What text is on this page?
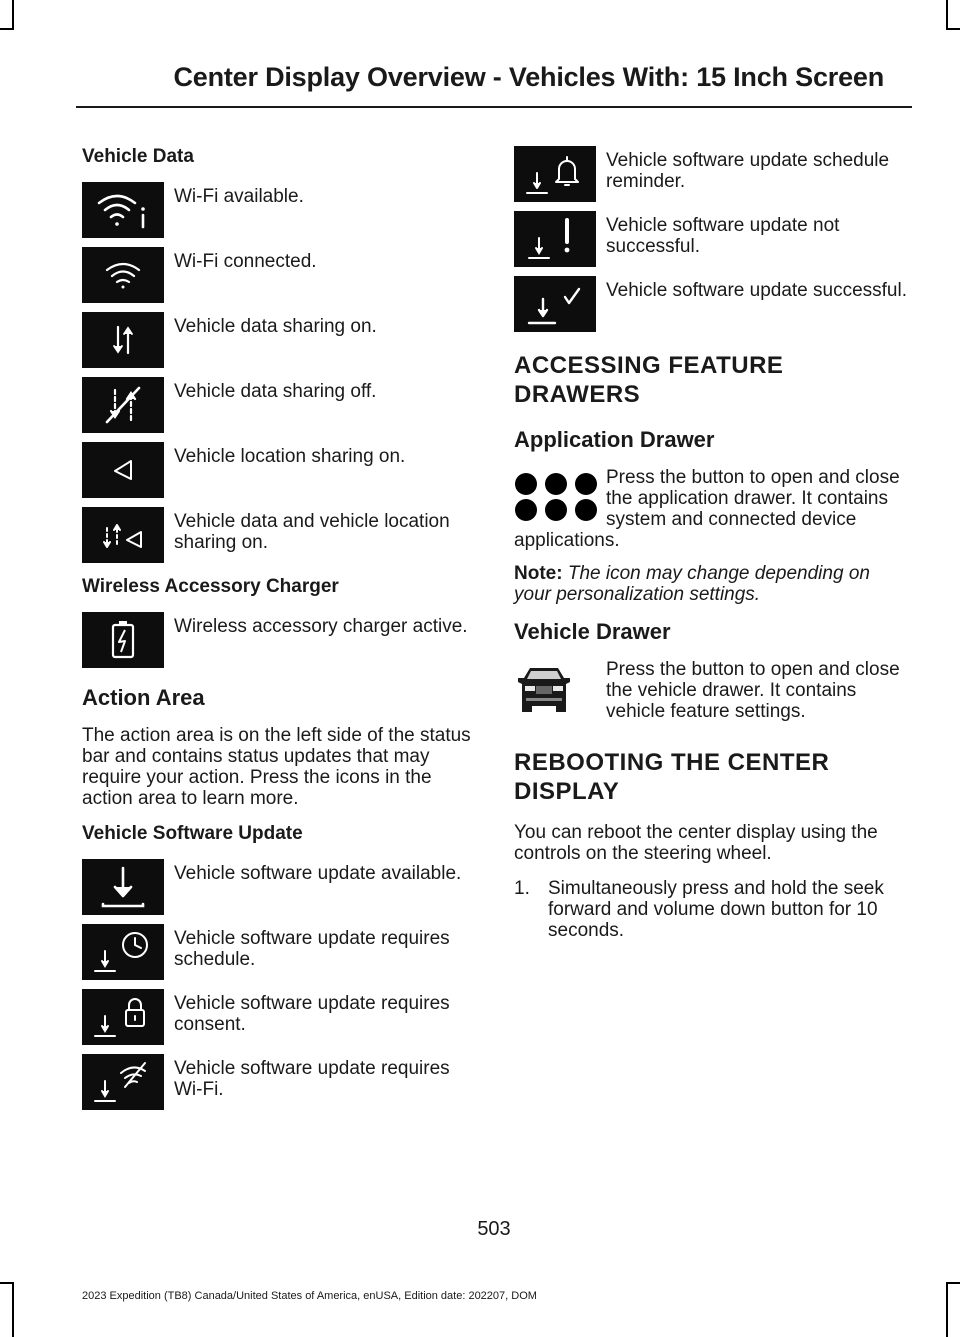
Center Display Overview - Vehicles With: 15 Inch Screen
Vehicle Data
Wi-Fi available.
Wi-Fi connected.
Vehicle data sharing on.
Vehicle data sharing off.
Vehicle location sharing on.
Vehicle data and vehicle location sharing on.
Wireless Accessory Charger
Wireless accessory charger active.
Action Area
The action area is on the left side of the status bar and contains status updates that may require your action. Press the icons in the action area to learn more.
Vehicle Software Update
Vehicle software update available.
Vehicle software update requires schedule.
Vehicle software update requires consent.
Vehicle software update requires Wi-Fi.
Vehicle software update schedule reminder.
Vehicle software update not successful.
Vehicle software update successful.
ACCESSING FEATURE DRAWERS
Application Drawer
Press the button to open and close the application drawer. It contains system and connected device applications.
Note: The icon may change depending on your personalization settings.
Vehicle Drawer
Press the button to open and close the vehicle drawer. It contains vehicle feature settings.
REBOOTING THE CENTER DISPLAY
You can reboot the center display using the controls on the steering wheel.
1. Simultaneously press and hold the seek forward and volume down button for 10 seconds.
503
2023 Expedition (TB8) Canada/United States of America, enUSA, Edition date: 202207, DOM
